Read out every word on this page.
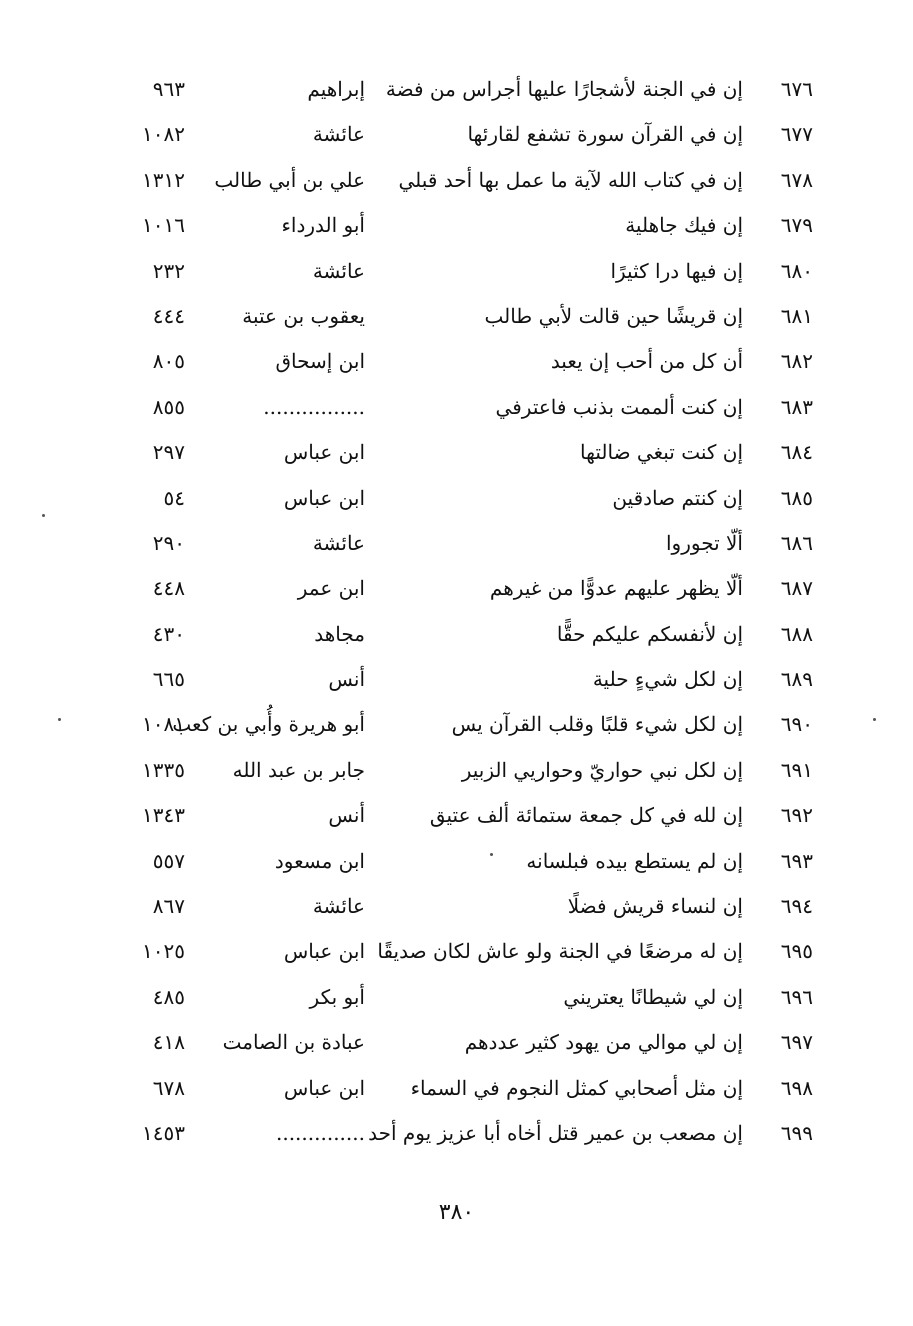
٦٧٦
إن في الجنة لأشجارًا عليها أجراس من فضة
إبراهيم
٩٦٣
٦٧٧
إن في القرآن سورة تشفع لقارئها
عائشة
١٠٨٢
٦٧٨
إن في كتاب الله لآية ما عمل بها أحد قبلي
علي بن أبي طالب
١٣١٢
٦٧٩
إن فيك جاهلية
أبو الدرداء
١٠١٦
٦٨٠
إن فيها درا كثيرًا
عائشة
٢٣٢
٦٨١
إن قريشًا حين قالت لأبي طالب
يعقوب بن عتبة
٤٤٤
٦٨٢
أن كل من أحب إن يعبد
ابن إسحاق
٨٠٥
٦٨٣
إن كنت ألممت بذنب فاعترفي
................
٨٥٥
٦٨٤
إن كنت تبغي ضالتها
ابن عباس
٢٩٧
٦٨٥
إن كنتم صادقين
ابن عباس
٥٤
٦٨٦
ألّا تجوروا
عائشة
٢٩٠
٦٨٧
ألّا يظهر عليهم عدوًّا من غيرهم
ابن عمر
٤٤٨
٦٨٨
إن لأنفسكم عليكم حقًّا
مجاهد
٤٣٠
٦٨٩
إن لكل شيءٍ حلية
أنس
٦٦٥
٦٩٠
إن لكل شيء قلبًا وقلب القرآن يس
أبو هريرة وأُبي بن كعب
١٠٨١
٦٩١
إن لكل نبي حواريّ وحواريي الزبير
جابر بن عبد الله
١٣٣٥
٦٩٢
إن لله في كل جمعة ستمائة ألف عتيق
أنس
١٣٤٣
٦٩٣
إن لم يستطع بيده فبلسانه
ابن مسعود
٥٥٧
٦٩٤
إن لنساء قريش فضلًا
عائشة
٨٦٧
٦٩٥
إن له مرضعًا في الجنة ولو عاش لكان صديقًا
ابن عباس
١٠٢٥
٦٩٦
إن لي شيطانًا يعتريني
أبو بكر
٤٨٥
٦٩٧
إن لي موالي من يهود كثير عددهم
عبادة بن الصامت
٤١٨
٦٩٨
إن مثل أصحابي كمثل النجوم في السماء
ابن عباس
٦٧٨
٦٩٩
إن مصعب بن عمير قتل أخاه أبا عزيز يوم أحد
..............
١٤٥٣
٣٨٠
